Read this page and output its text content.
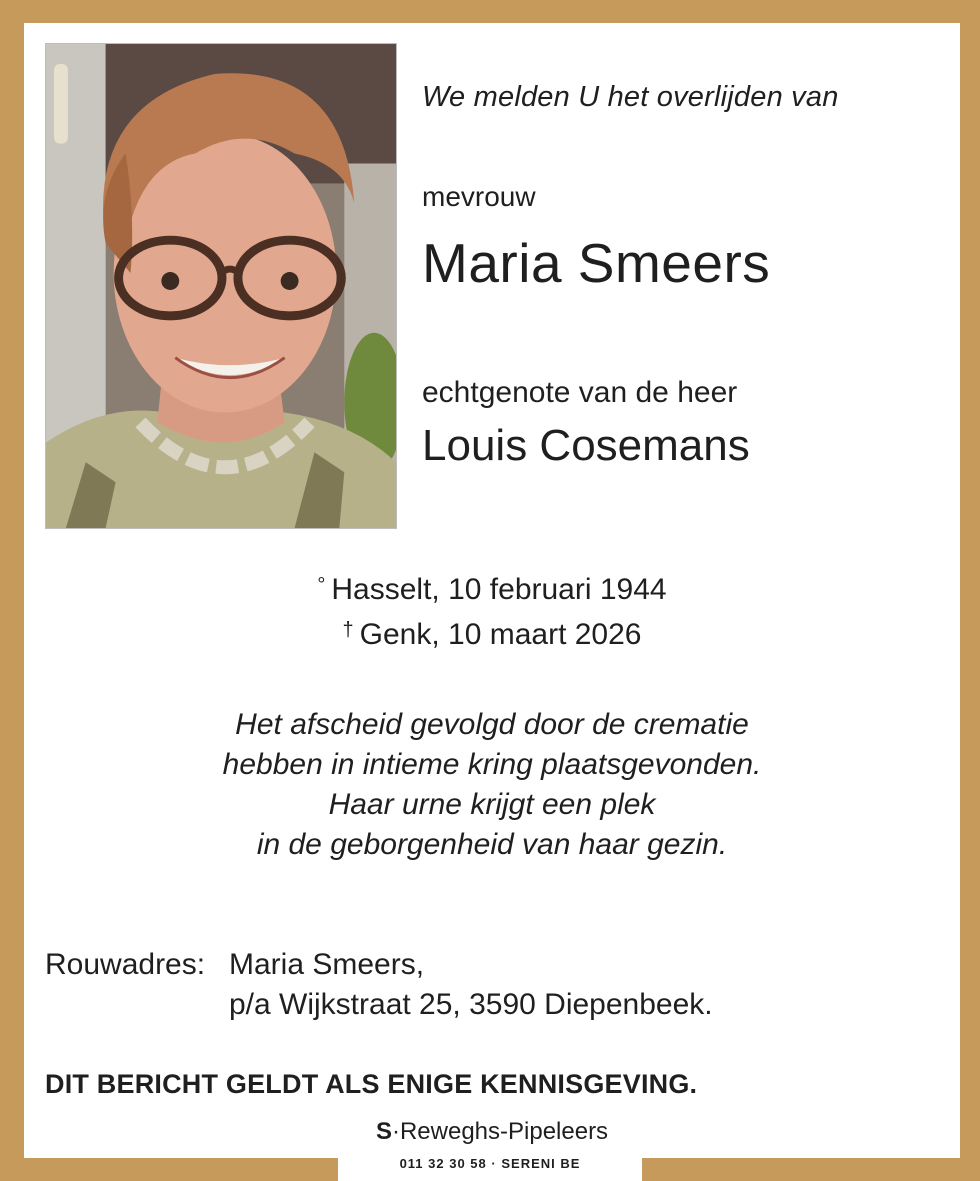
We melden U het overlijden van
mevrouw
Maria Smeers
echtgenote van de heer
Louis Cosemans
° Hasselt, 10 februari 1944
† Genk, 10 maart 2026
Het afscheid gevolgd door de crematie
hebben in intieme kring plaatsgevonden.
Haar urne krijgt een plek
in de geborgenheid van haar gezin.
Rouwadres: Maria Smeers,
p/a Wijkstraat 25, 3590 Diepenbeek.
DIT BERICHT GELDT ALS ENIGE KENNISGEVING.
S·Reweghs-Pipeleers
011 32 30 58 · SERENI BE
